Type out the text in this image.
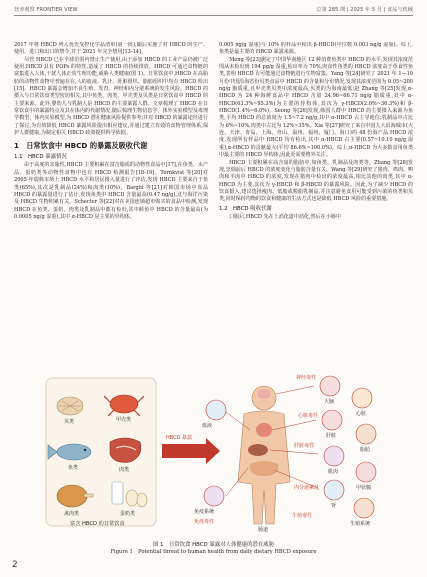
营养观察 FRONTIER VIEW	总第 285 期 | 2025 年 5 月 | 食品与机械

2017 年将 HBCD 列入优先受控化学品清单(第一批),随后实施了对 HBCD 的生产、使用、进口和出口的禁令,并于 2021 年完全禁用[13-14]。

尽管 HBCD 已在全球范围内禁止生产使用,由于添加 HBCD 的工业产品仍被广泛使用,HBCD 具有 POPs 的特性,造成了 HBCD 的持续排放。HBCD 可通过食物链的富集进入人体,干扰人体正常生理功能,威胁人类健康(图 1)。日常饮食中,HBCD 在高脂肪的动物性食物中普遍存在,人的血液、乳汁、肝脏组织、脂肪组织中均有 HBCD 检出[15]。HBCD 暴露会增加不良生殖、发育、神经和内分泌系统的发生风险。HBCD 的摄入与日常饮食类型密切相关,其中鱼类、肉类、甲壳类及贝类是日常饮食中 HBCD 的主要来源。此外,婴幼儿与乳制人是 HBCD 的主要暴露人群。文章梳理了 HBCD 在日常饮食中的暴露特点及其在体内的代谢情况,随后梳理生物信息学、体外实验模型及毒理学模型、体内实验模型,为 HBCD 潜在健康风险提供参考;并对 HBCD 的暴露途径进行了探讨,为有效降低 HBCD 暴露风险提出相应建议,并通过建立有效的食物管理体系,保护人群健康,为制定相关 HBCD 政策提供科学依据。

1　日常饮食中 HBCD 的暴露及吸收代谢
1.1　HBCD 暴露情况

由于高度的亲脂性,HBCD 主要积累在富含脂质的动物性食品中[17],在鱼类、水产品、蛋奶类等动物性食物中也有 HBCD 检测报告[18-19]。Tornkvist 等[20]对 2005 年瑞典市场上 HBCD 水平和居民摄入量进行了评估,发现 HBCD 主要来自于鱼类(65%),其次是乳制品(24%)和肉类(10%)。Barghi 等[21]对韩国市场中食品 HBCD 的暴露量进行了估计,发现鱼类中 HBCD 含量最高(0.47 ng/g),这与海洋污染及 HBCD 生物积累有关。Schecter 等[22]对在美国连锁超市购买的食品中检测,发现 HBCD 在鱼类、蛋奶、肉类及乳制品中都有检出,其中鲑鱼中 HBCD 的含量最高(为 0.0005 ng/g 湿重),其中 α-HBCD 是主要的异构体。

0.005 ng/g 湿重)与 10% 的样品中检出 β-HBCD(中位数 0.003 ng/g 湿重)。综上,鱼类是最主要的 HBCD 暴露来源。

Meng 等[23]测定了中国华南地区 12 种消费鱼类中 HBCD 的水平,发现其浓度范围从未检出到 194 pg/g 湿重,检出率为 70%,肉食性鱼类的 HBCD 浓度高于草食性鱼类,表明 HBCD 有可能通过食物链进行生物富集。Yang 等[24]研究了 2021 年 1—10 月份中国沿海省份贝类食品中 HBCD 的含量和分布情况,发现其浓度范围为 0.05~200 ng/g 脂质重,且甲壳类贝类中浓度最高,贝类的为海南最低;赵 Zhang 等[25]发现,α-HBCD 为 24 种海鲜食品中 HBCD 含量 24.96~66.71 ng/g 脂质重,其中 α-HBCD(63.3%~95.3%)为主要的异构体,其次为 γ-HBCD(2.0%~36.3%)和 β-HBCD(1.4%~6.0%)。Seong 等[26]发现,韩国人群中 HBCD 的主要摄入来源为鱼类,平均 HBCD 的总浓度为 1.5~7.2 ng/g,其中 α-HBCD 占主导地位;乳制品中占比为 6%~10%,肉类中占比为 12%~35%。Xia 等[27]研究了来自中国九大沿海城市(大连、天津、青岛、上海、舟山、温州、福州、厦门、海口)的 48 份海产品 HBCD 浓度,发现所有样品中 HBCD 均有检出,其中 α-HBCD 占主要(0.57~10.10 ng/g 湿重),α-HBCD 的贡献最大(平均 86.6%~100.0%)。综上,α-HBCD 为大多数食用鱼类中最主要的 HBCD 异构体,因此更需要格外关注。

HBCD 主要积累在高含量的脂肪中,如鱼类、乳制品及肉类等。Zhang 等[28]发现,烹调前后 HBCD 的浓度变化与脂肪含量有关。Wang 等[29]研究了猪肉、鸡肉、鸭肉和羊肉中 HBCD 的浓度,发现在猪肉中检出的浓度最高,相比其他的肉类,其中 α-HBCD 为主要,其次为 γ-HBCD 和 β-HBCD 的暴露风险。因此,为了减少 HBCD 的饮食摄入,建议选择瘦肉、低脂或脱脂乳制品,并注意避免食用可能受到污染的鱼类和贝类,同时保持均衡的饮食和健康的生活方式也是降低 HBCD 风险的重要措施。

1.2　HBCD 吸收代谢

口服后,HBCD 先在上消化道中消化,然后在小肠中

贝类	甲壳类
鱼类	肉类
禽肉类	蛋奶类
富含 HBCD 的日常饮食
HBCD 暴露
血液
大脑
心脏
肝脏
脂肪
肌肉
免疫系统
甲状腺
肾
生殖系统
肠道
神经毒性
心脏毒性
肝脏毒性
生殖毒性
内分泌紊乱
免疫毒性
图 1　日常饮食 HBCD 暴露对人体健康的潜在威胁
Figure 1　Potential threat to human health from daily dietary HBCD exposure
2
